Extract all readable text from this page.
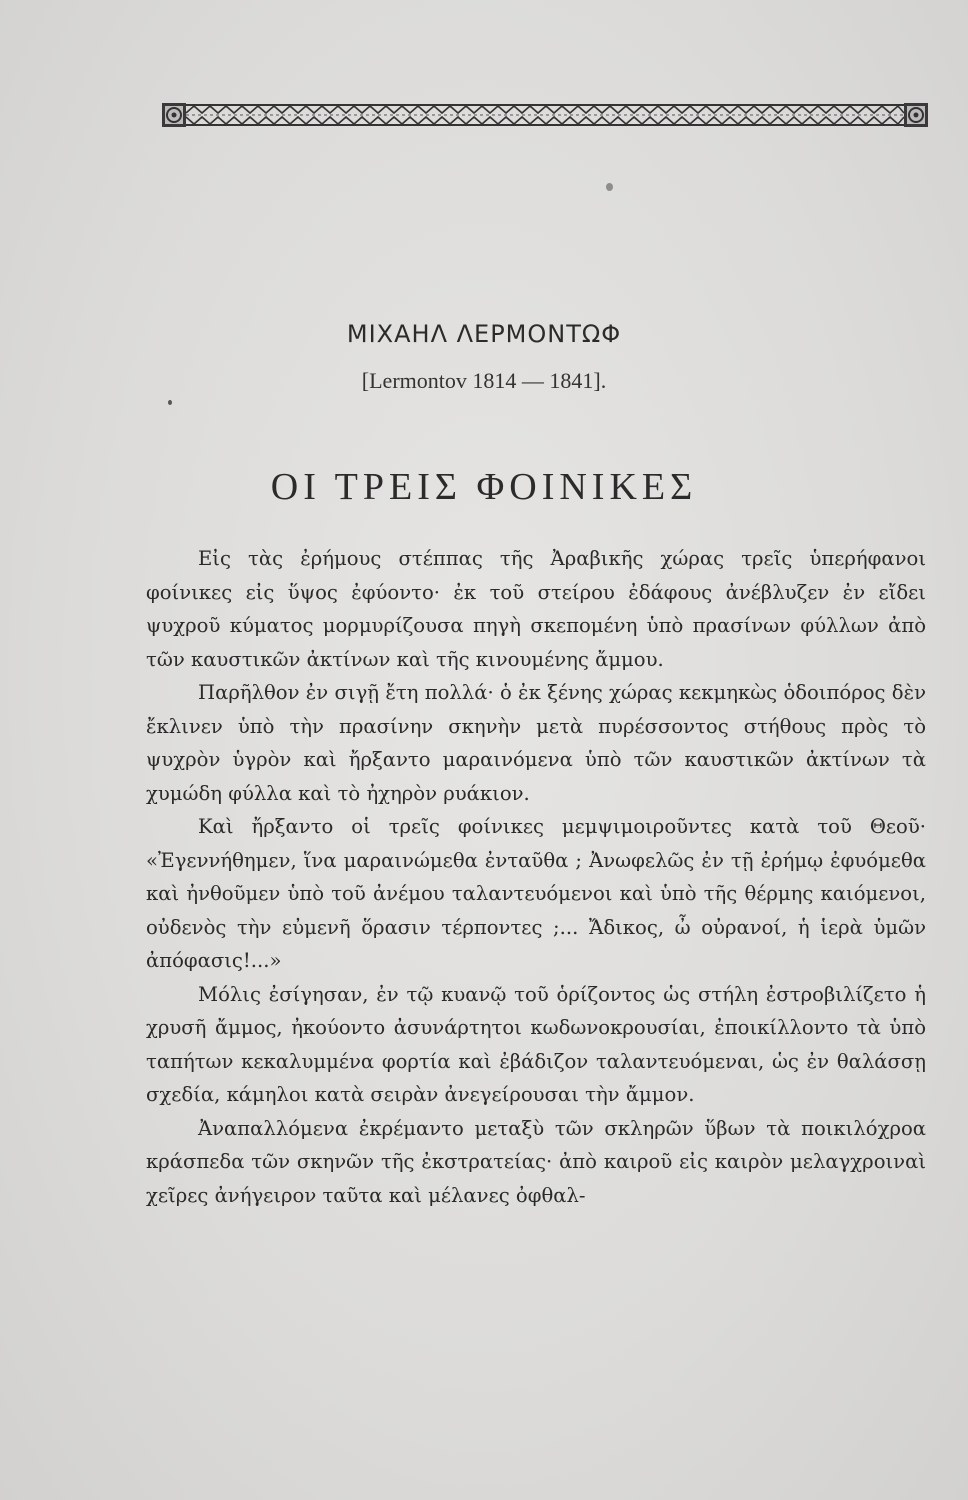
ΜΙΧΑΗΛ ΛΕΡΜΟΝΤΩΦ

[Lermontov 1814 — 1841].

ΟΙ ΤΡΕΙΣ ΦΟΙΝΙΚΕΣ

Εἰς τὰς ἐρήμους στέππας τῆς Ἀραβικῆς χώρας τρεῖς ὑπερήφανοι φοίνικες εἰς ὕψος ἐφύοντο· ἐκ τοῦ στείρου ἐδάφους ἀνέβλυζεν ἐν εἴδει ψυχροῦ κύματος μορμυρίζουσα πηγὴ σκεπομένη ὑπὸ πρασίνων φύλλων ἀπὸ τῶν καυστικῶν ἀκτίνων καὶ τῆς κινουμένης ἄμμου.

Παρῆλθον ἐν σιγῇ ἔτη πολλά· ὁ ἐκ ξένης χώρας κεκμηκὼς ὁδοιπόρος δὲν ἔκλινεν ὑπὸ τὴν πρασίνην σκηνὴν μετὰ πυρέσσοντος στήθους πρὸς τὸ ψυχρὸν ὑγρὸν καὶ ἤρξαντο μαραινόμενα ὑπὸ τῶν καυστικῶν ἀκτίνων τὰ χυμώδη φύλλα καὶ τὸ ἠχηρὸν ρυάκιον.

Καὶ ἤρξαντο οἱ τρεῖς φοίνικες μεμψιμοιροῦντες κατὰ τοῦ Θεοῦ· «Ἐγεννήθημεν, ἵνα μαραινώμεθα ἐνταῦθα ; Ἀνωφελῶς ἐν τῇ ἐρήμῳ ἐφυόμεθα καὶ ἠνθοῦμεν ὑπὸ τοῦ ἀνέμου ταλαντευόμενοι καὶ ὑπὸ τῆς θέρμης καιόμενοι, οὐδενὸς τὴν εὐμενῆ ὅρασιν τέρποντες ;... Ἄδικος, ὦ οὐρανοί, ἡ ἱερὰ ὑμῶν ἀπόφασις!...»

Μόλις ἐσίγησαν, ἐν τῷ κυανῷ τοῦ ὁρίζοντος ὡς στήλη ἐστροβιλίζετο ἡ χρυσῆ ἄμμος, ἠκούοντο ἀσυνάρτητοι κωδωνοκρουσίαι, ἐποικίλλοντο τὰ ὑπὸ ταπήτων κεκαλυμμένα φορτία καὶ ἐβάδιζον ταλαντευόμεναι, ὡς ἐν θαλάσσῃ σχεδία, κάμηλοι κατὰ σειρὰν ἀνεγείρουσαι τὴν ἄμμον.

Ἀναπαλλόμενα ἐκρέμαντο μεταξὺ τῶν σκληρῶν ὕβων τὰ ποικιλόχροα κράσπεδα τῶν σκηνῶν τῆς ἐκστρατείας· ἀπὸ καιροῦ εἰς καιρὸν μελαγχροιναὶ χεῖρες ἀνήγειρον ταῦτα καὶ μέλανες ὀφθαλ-
